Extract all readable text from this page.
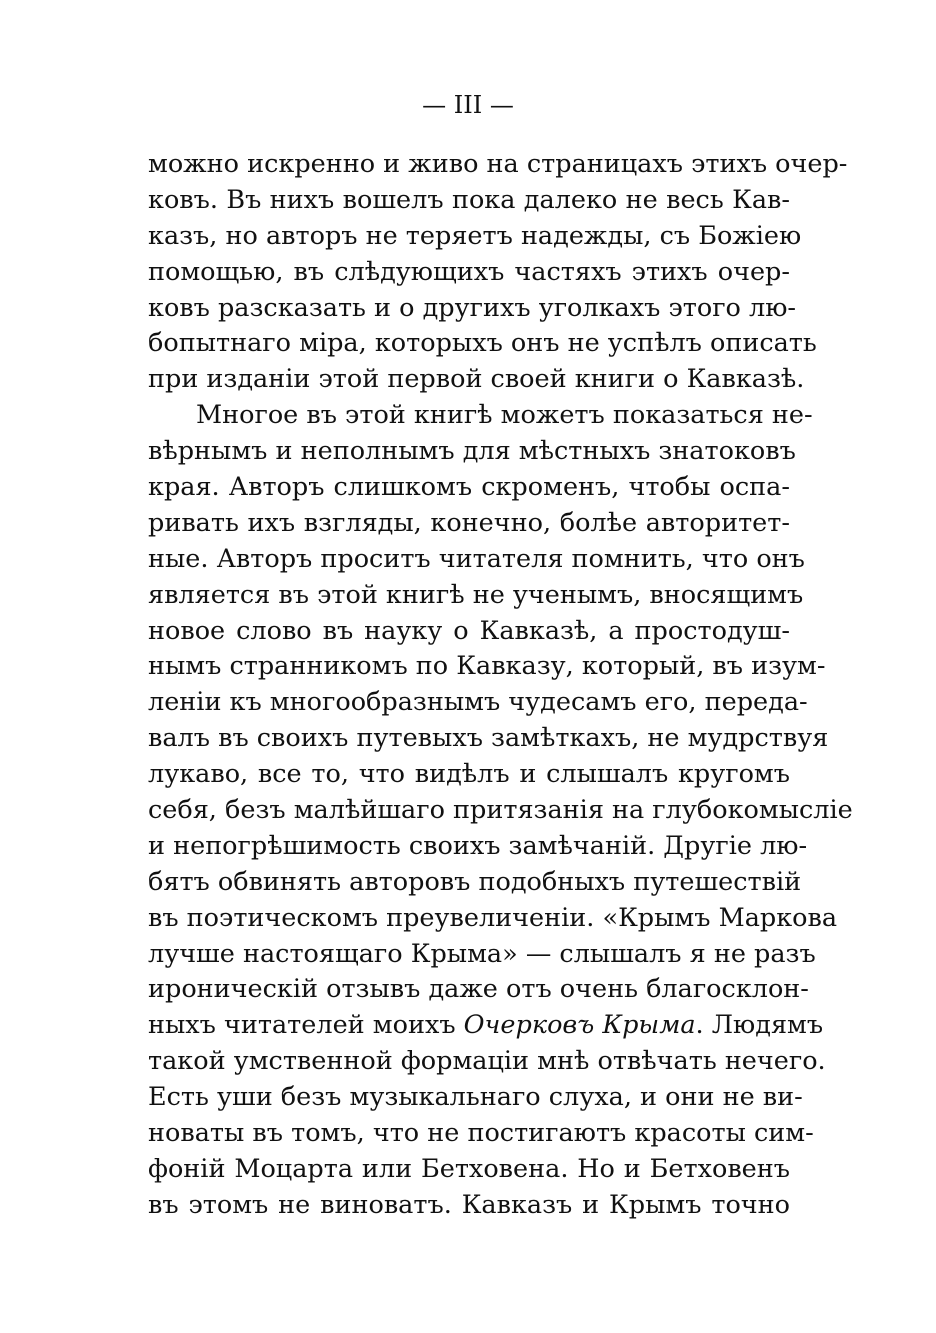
— III —
можно искренно и живо на страницахъ этихъ очер-
ковъ. Въ нихъ вошелъ пока далеко не весь Кав-
казъ, но авторъ не теряетъ надежды, съ Божіею
помощью, въ слѣдующихъ частяхъ этихъ очер-
ковъ разсказать и о другихъ уголкахъ этого лю-
бопытнаго міра, которыхъ онъ не успѣлъ описать
при изданіи этой первой своей книги о Кавказѣ.
Многое въ этой книгѣ можетъ показаться не-
вѣрнымъ и неполнымъ для мѣстныхъ знатоковъ
края. Авторъ слишкомъ скроменъ, чтобы оспа-
ривать ихъ взгляды, конечно, болѣе авторитет-
ные. Авторъ проситъ читателя помнить, что онъ
является въ этой книгѣ не ученымъ, вносящимъ
новое слово въ науку о Кавказѣ, а простодуш-
нымъ странникомъ по Кавказу, который, въ изум-
леніи къ многообразнымъ чудесамъ его, переда-
валъ въ своихъ путевыхъ замѣткахъ, не мудрствуя
лукаво, все то, что видѣлъ и слышалъ кругомъ
себя, безъ малѣйшаго притязанія на глубокомысліе
и непогрѣшимость своихъ замѣчаній. Другіе лю-
бятъ обвинять авторовъ подобныхъ путешествій
въ поэтическомъ преувеличеніи. «Крымъ Маркова
лучше настоящаго Крыма» — слышалъ я не разъ
ироническій отзывъ даже отъ очень благосклон-
ныхъ читателей моихъ Очерковъ Крыма. Людямъ
такой умственной формаціи мнѣ отвѣчать нечего.
Есть уши безъ музыкальнаго слуха, и они не ви-
новаты въ томъ, что не постигаютъ красоты сим-
фоній Моцарта или Бетховена. Но и Бетховенъ
въ этомъ не виноватъ. Кавказъ и Крымъ точно
